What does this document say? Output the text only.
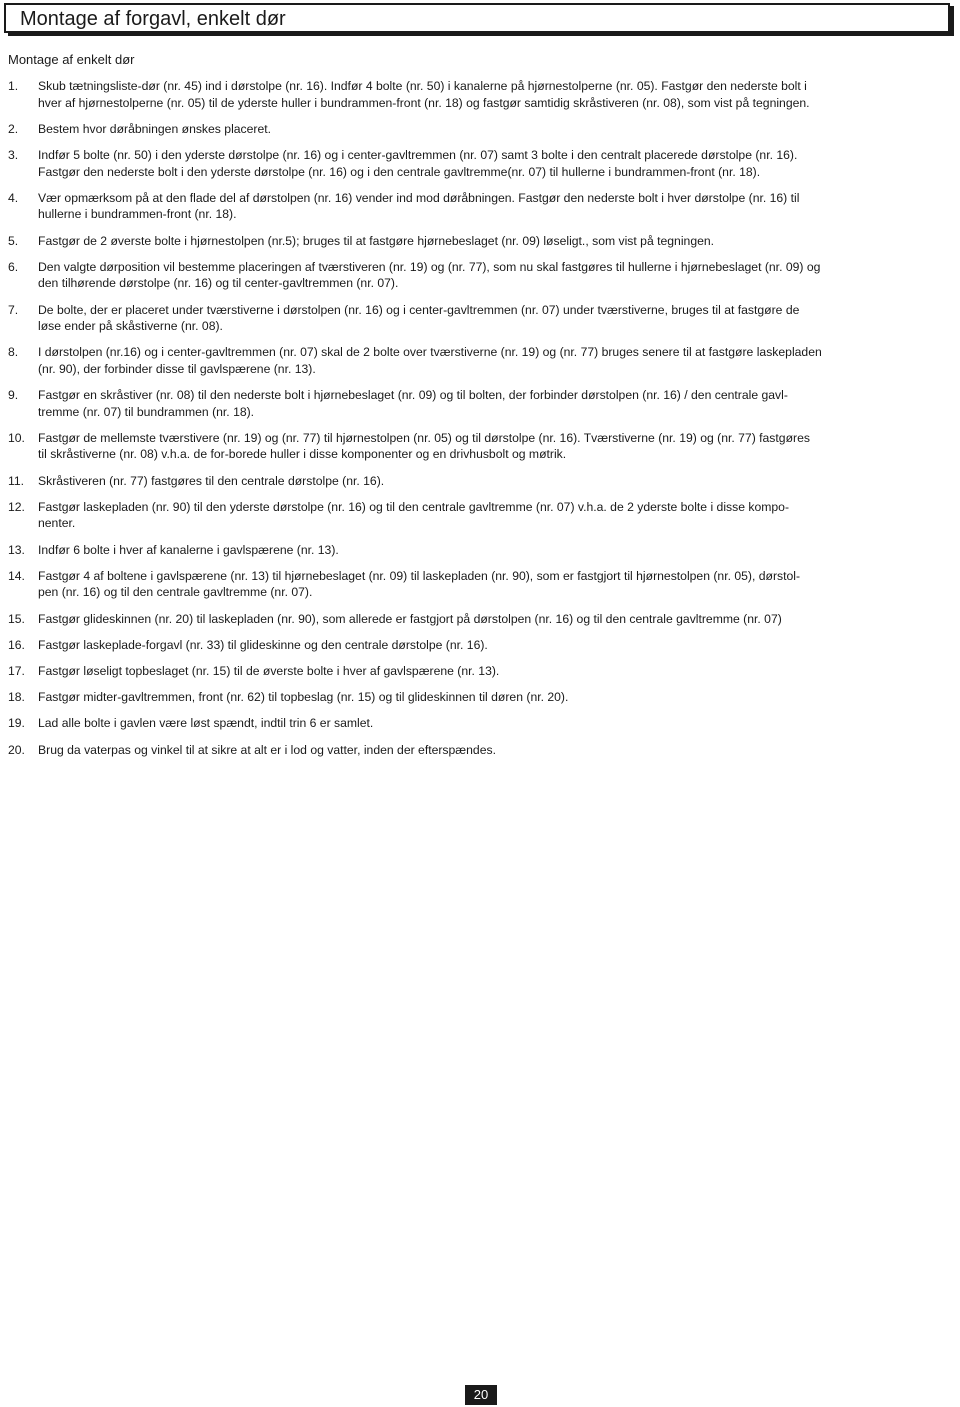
Montage af forgavl, enkelt dør
Montage af enkelt dør
1.	Skub tætningsliste-dør (nr. 45) ind i dørstolpe (nr. 16). Indfør 4 bolte (nr. 50) i kanalerne på hjørnestolperne (nr. 05). Fastgør den nederste bolt i
hver af hjørnestolperne (nr. 05) til de yderste huller i bundrammen-front (nr. 18) og fastgør samtidig skråstiveren (nr. 08), som vist på tegningen.
2.	Bestem hvor døråbningen ønskes placeret.
3.	Indfør 5 bolte (nr. 50) i den yderste dørstolpe (nr. 16) og i center-gavltremmen (nr. 07) samt 3 bolte i den centralt placerede dørstolpe (nr. 16).
Fastgør den nederste bolt i den yderste dørstolpe (nr. 16) og i den centrale gavltremme(nr. 07) til hullerne i bundrammen-front (nr. 18).
4.	Vær opmærksom på at den flade del af dørstolpen (nr. 16) vender ind mod døråbningen. Fastgør den nederste bolt i hver dørstolpe (nr. 16) til
hullerne i bundrammen-front (nr. 18).
5.	Fastgør de 2 øverste bolte i hjørnestolpen (nr.5); bruges til at fastgøre hjørnebeslaget (nr. 09) løseligt., som vist på tegningen.
6.	Den valgte dørposition vil bestemme placeringen af tværstiveren (nr. 19) og (nr. 77), som nu skal fastgøres til hullerne i hjørnebeslaget (nr. 09) og
den tilhørende dørstolpe (nr. 16) og til center-gavltremmen (nr. 07).
7.	De bolte, der er placeret under tværstiverne i dørstolpen (nr. 16) og i center-gavltremmen (nr. 07) under tværstiverne, bruges til at fastgøre de
løse ender på skåstiverne (nr. 08).
8.	I dørstolpen (nr.16) og i center-gavltremmen (nr. 07) skal de 2 bolte over tværstiverne (nr. 19) og (nr. 77) bruges senere til at fastgøre laskepladen
(nr. 90), der forbinder disse til gavlspærene (nr. 13).
9.	Fastgør en skråstiver (nr. 08) til den nederste bolt i hjørnebeslaget (nr. 09) og til bolten, der forbinder dørstolpen (nr. 16) / den centrale gavl-
tremme (nr. 07) til bundrammen (nr. 18).
10.	Fastgør de mellemste tværstivere (nr. 19) og (nr. 77) til hjørnestolpen (nr. 05) og til dørstolpe (nr. 16). Tværstiverne (nr. 19) og (nr. 77) fastgøres
til skråstiverne (nr. 08) v.h.a. de for-borede huller i disse komponenter og en drivhusbolt og møtrik.
11.	Skråstiveren (nr. 77) fastgøres til den centrale dørstolpe (nr. 16).
12.	Fastgør laskepladen (nr. 90) til den yderste dørstolpe (nr. 16) og til den centrale gavltremme (nr. 07) v.h.a. de 2 yderste bolte i disse kompo-
nenter.
13.	Indfør 6 bolte i hver af kanalerne i gavlspærene (nr. 13).
14.	Fastgør 4 af boltene i gavlspærene (nr. 13) til hjørnebeslaget (nr. 09) til laskepladen (nr. 90), som er fastgjort til hjørnestolpen (nr. 05), dørstol-
pen (nr. 16) og til den centrale gavltremme (nr. 07).
15.	Fastgør glideskinnen (nr. 20) til laskepladen (nr. 90), som allerede er fastgjort på dørstolpen (nr. 16) og til den centrale gavltremme (nr. 07)
16.	Fastgør laskeplade-forgavl (nr. 33) til glideskinne og den centrale dørstolpe (nr. 16).
17.	Fastgør løseligt topbeslaget (nr. 15) til de øverste bolte i hver af gavlspærene (nr. 13).
18.	Fastgør midter-gavltremmen, front (nr. 62) til topbeslag (nr. 15) og til glideskinnen til døren (nr. 20).
19.	Lad alle bolte i gavlen være løst spændt, indtil trin 6 er samlet.
20.	Brug da vaterpas og vinkel til at sikre at alt er i lod og vatter, inden der efterspændes.
20
